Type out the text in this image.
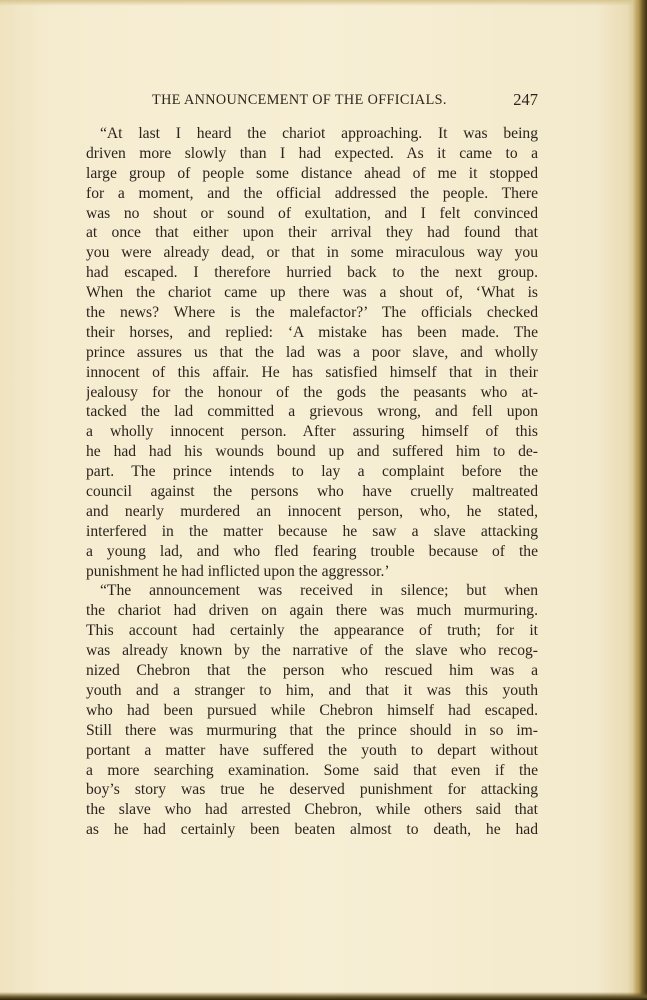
THE ANNOUNCEMENT OF THE OFFICIALS.	247
“At last I heard the chariot approaching. It was being
driven more slowly than I had expected. As it came to a
large group of people some distance ahead of me it stopped
for a moment, and the official addressed the people. There
was no shout or sound of exultation, and I felt convinced
at once that either upon their arrival they had found that
you were already dead, or that in some miraculous way you
had escaped. I therefore hurried back to the next group.
When the chariot came up there was a shout of, ‘What is
the news? Where is the malefactor?’ The officials checked
their horses, and replied: ‘A mistake has been made. The
prince assures us that the lad was a poor slave, and wholly
innocent of this affair. He has satisfied himself that in their
jealousy for the honour of the gods the peasants who at-
tacked the lad committed a grievous wrong, and fell upon
a wholly innocent person. After assuring himself of this
he had had his wounds bound up and suffered him to de-
part. The prince intends to lay a complaint before the
council against the persons who have cruelly maltreated
and nearly murdered an innocent person, who, he stated,
interfered in the matter because he saw a slave attacking
a young lad, and who fled fearing trouble because of the
punishment he had inflicted upon the aggressor.’
“The announcement was received in silence; but when
the chariot had driven on again there was much murmuring.
This account had certainly the appearance of truth; for it
was already known by the narrative of the slave who recog-
nized Chebron that the person who rescued him was a
youth and a stranger to him, and that it was this youth
who had been pursued while Chebron himself had escaped.
Still there was murmuring that the prince should in so im-
portant a matter have suffered the youth to depart without
a more searching examination. Some said that even if the
boy’s story was true he deserved punishment for attacking
the slave who had arrested Chebron, while others said that
as he had certainly been beaten almost to death, he had
